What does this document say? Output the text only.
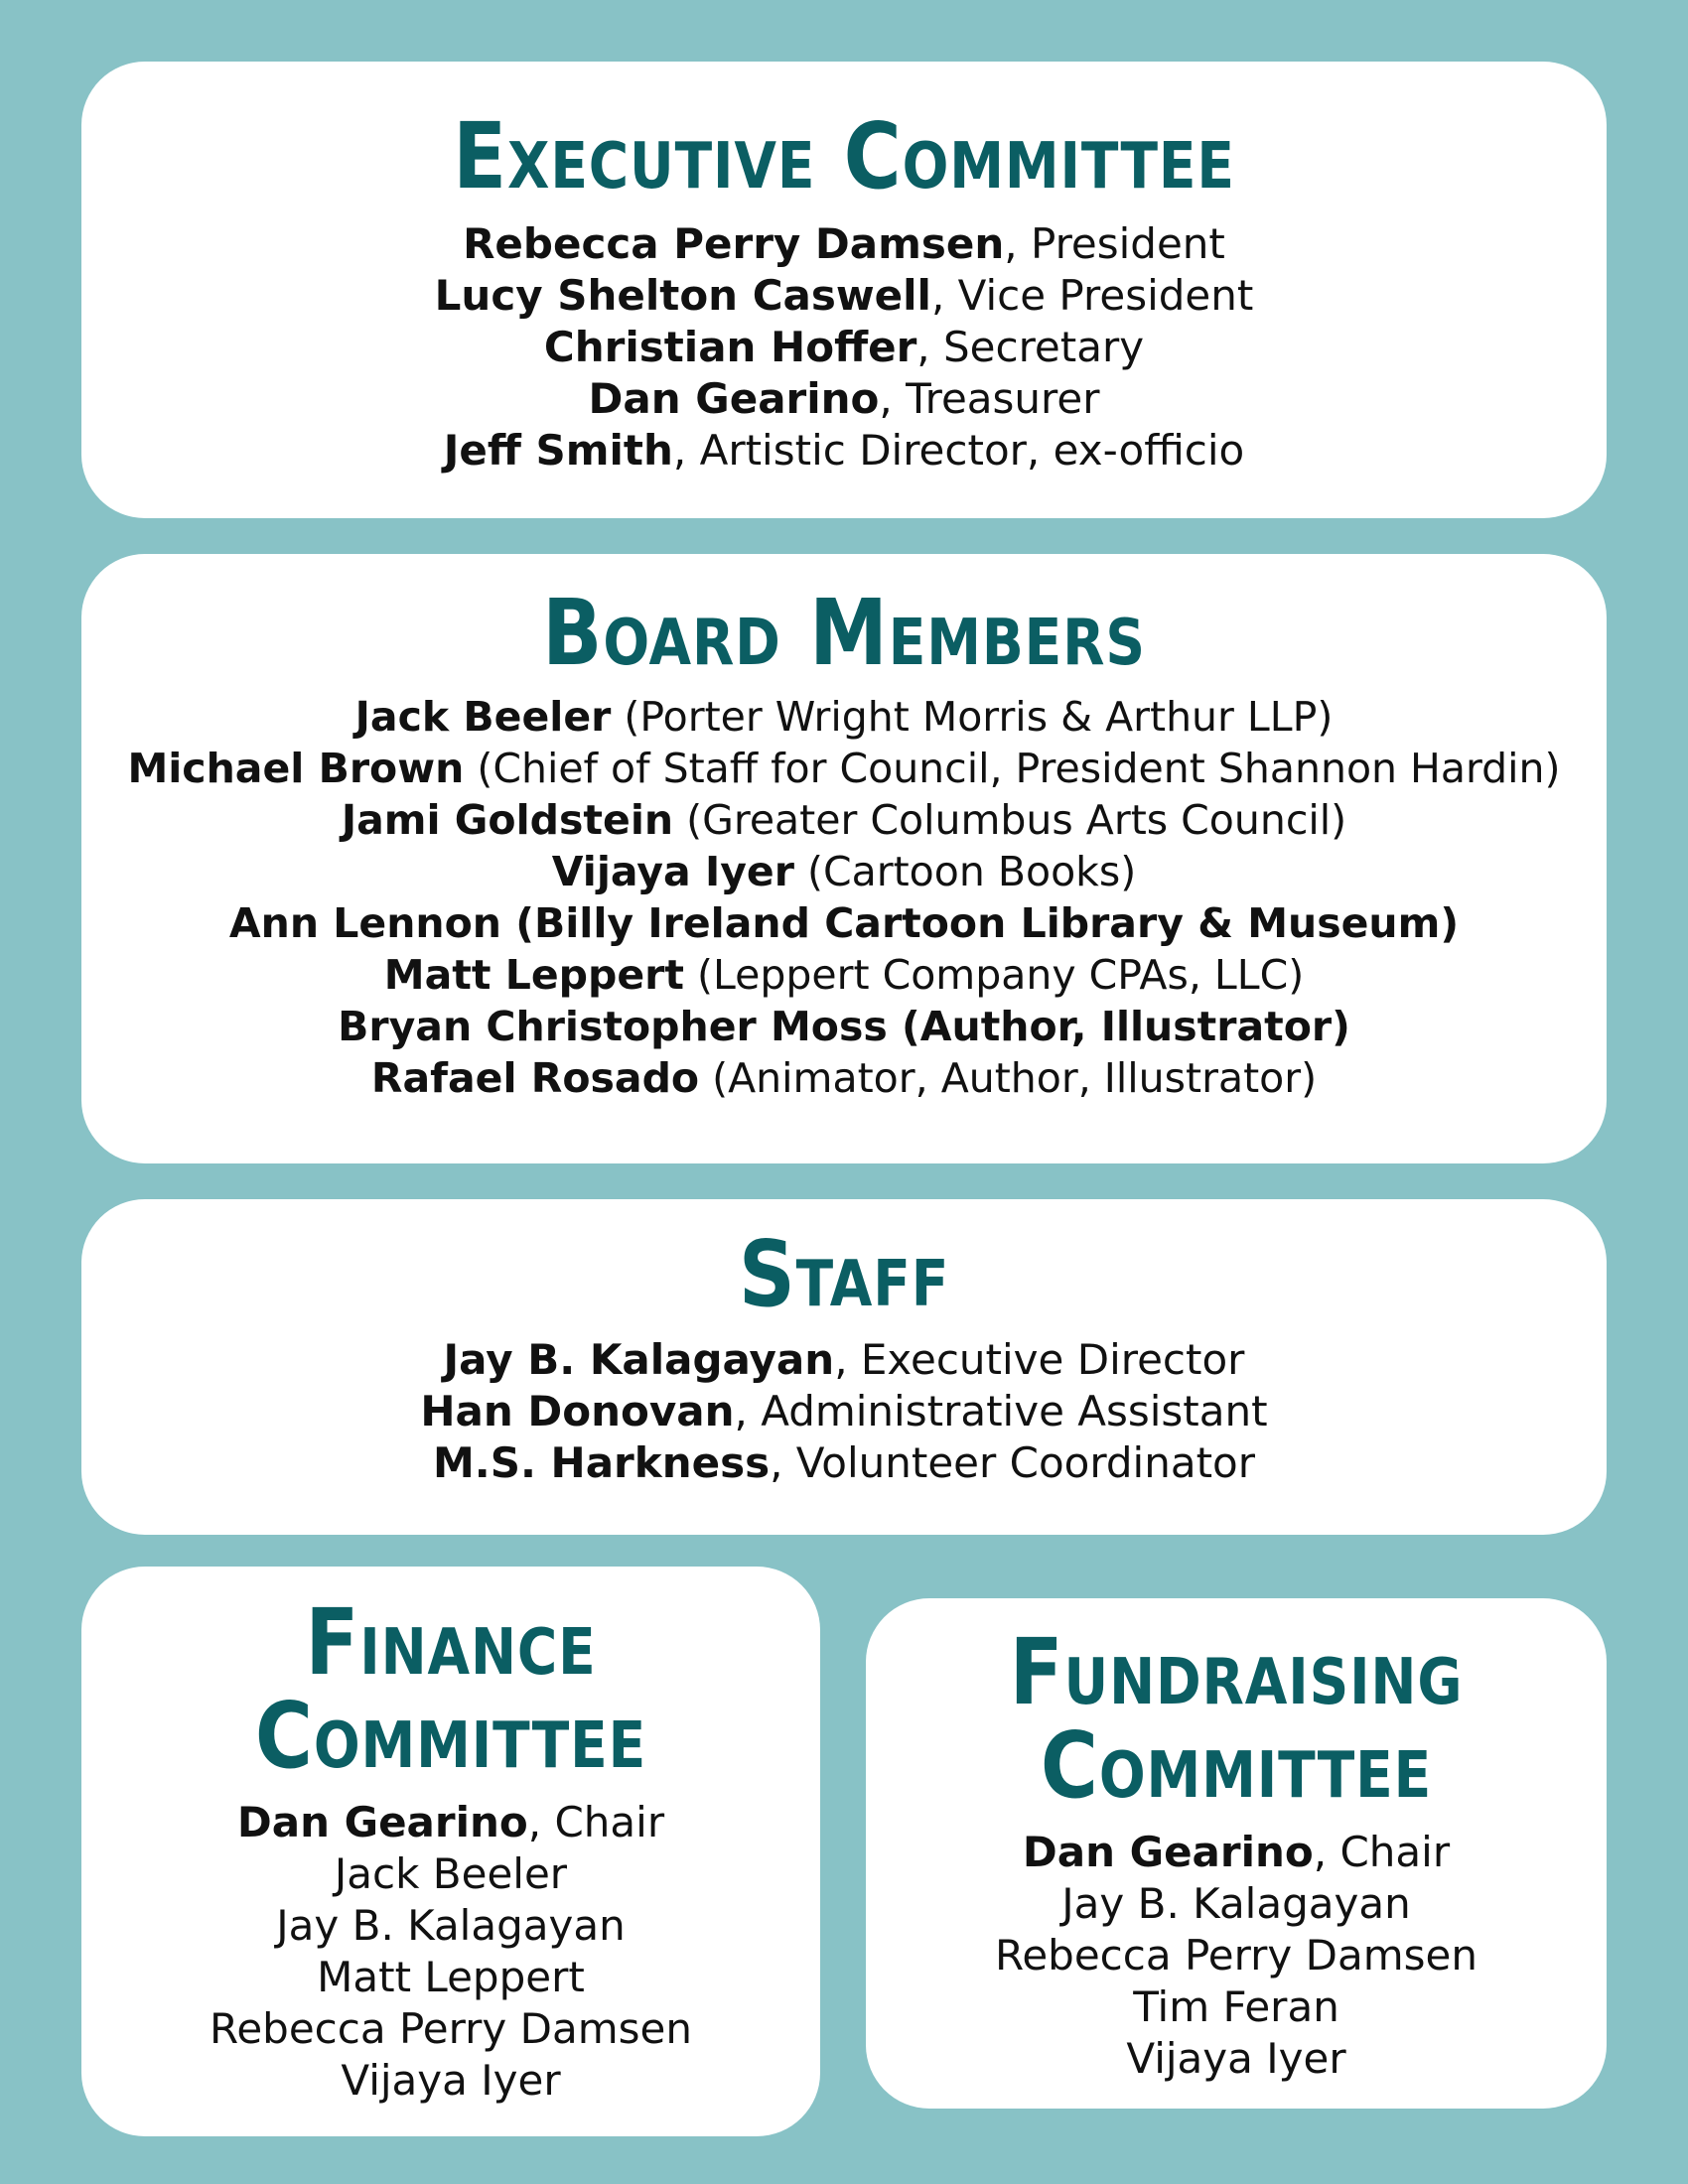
Executive Committee
Rebecca Perry Damsen, President
Lucy Shelton Caswell, Vice President
Christian Hoffer, Secretary
Dan Gearino, Treasurer
Jeff Smith, Artistic Director, ex-officio
Board Members
Jack Beeler (Porter Wright Morris & Arthur LLP)
Michael Brown (Chief of Staff for Council, President Shannon Hardin)
Jami Goldstein (Greater Columbus Arts Council)
Vijaya Iyer (Cartoon Books)
Ann Lennon (Billy Ireland Cartoon Library & Museum)
Matt Leppert (Leppert Company CPAs, LLC)
Bryan Christopher Moss (Author, Illustrator)
Rafael Rosado (Animator, Author, Illustrator)
Staff
Jay B. Kalagayan, Executive Director
Han Donovan, Administrative Assistant
M.S. Harkness, Volunteer Coordinator
Finance
Committee
Dan Gearino, Chair
Jack Beeler
Jay B. Kalagayan
Matt Leppert
Rebecca Perry Damsen
Vijaya Iyer
Fundraising
Committee
Dan Gearino, Chair
Jay B. Kalagayan
Rebecca Perry Damsen
Tim Feran
Vijaya Iyer
